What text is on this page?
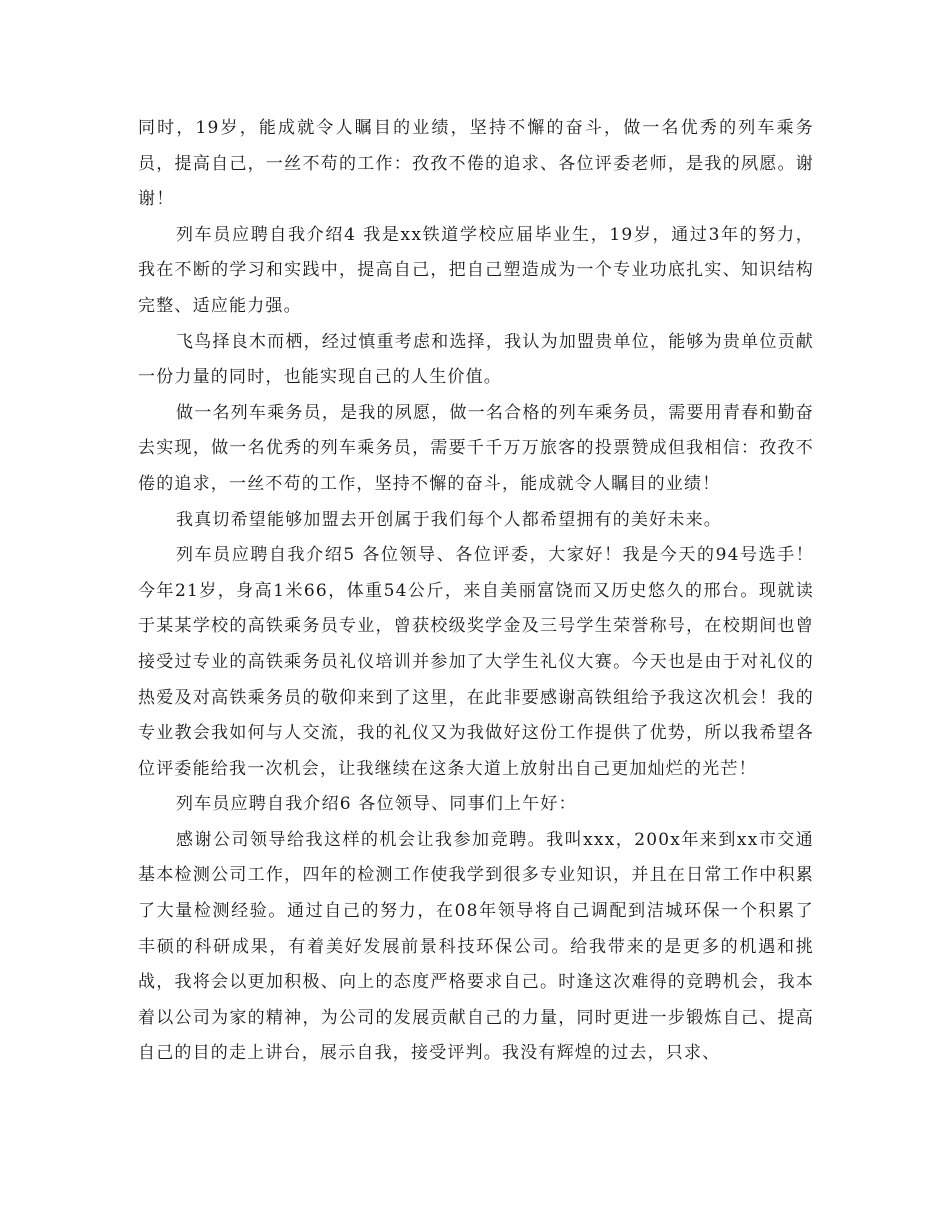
同时，19岁，能成就令人瞩目的业绩，坚持不懈的奋斗，做一名优秀的列车乘务员，提高自己，一丝不苟的工作：孜孜不倦的追求、各位评委老师，是我的夙愿。谢谢！

列车员应聘自我介绍4 我是xx铁道学校应届毕业生，19岁，通过3年的努力，我在不断的学习和实践中，提高自己，把自己塑造成为一个专业功底扎实、知识结构完整、适应能力强。

飞鸟择良木而栖，经过慎重考虑和选择，我认为加盟贵单位，能够为贵单位贡献一份力量的同时，也能实现自己的人生价值。

做一名列车乘务员，是我的夙愿，做一名合格的列车乘务员，需要用青春和勤奋去实现，做一名优秀的列车乘务员，需要千千万万旅客的投票赞成但我相信：孜孜不倦的追求，一丝不苟的工作，坚持不懈的奋斗，能成就令人瞩目的业绩！

我真切希望能够加盟去开创属于我们每个人都希望拥有的美好未来。

列车员应聘自我介绍5 各位领导、各位评委，大家好！我是今天的94号选手！今年21岁，身高1米66，体重54公斤，来自美丽富饶而又历史悠久的邢台。现就读于某某学校的高铁乘务员专业，曾获校级奖学金及三号学生荣誉称号，在校期间也曾接受过专业的高铁乘务员礼仪培训并参加了大学生礼仪大赛。今天也是由于对礼仪的热爱及对高铁乘务员的敬仰来到了这里，在此非要感谢高铁组给予我这次机会！我的专业教会我如何与人交流，我的礼仪又为我做好这份工作提供了优势，所以我希望各位评委能给我一次机会，让我继续在这条大道上放射出自己更加灿烂的光芒！

列车员应聘自我介绍6 各位领导、同事们上午好：

感谢公司领导给我这样的机会让我参加竞聘。我叫xxx，200x年来到xx市交通基本检测公司工作，四年的检测工作使我学到很多专业知识，并且在日常工作中积累了大量检测经验。通过自己的努力，在08年领导将自己调配到洁城环保一个积累了丰硕的科研成果，有着美好发展前景科技环保公司。给我带来的是更多的机遇和挑战，我将会以更加积极、向上的态度严格要求自己。时逢这次难得的竞聘机会，我本着以公司为家的精神，为公司的发展贡献自己的力量，同时更进一步锻炼自己、提高自己的目的走上讲台，展示自我，接受评判。我没有辉煌的过去，只求、
